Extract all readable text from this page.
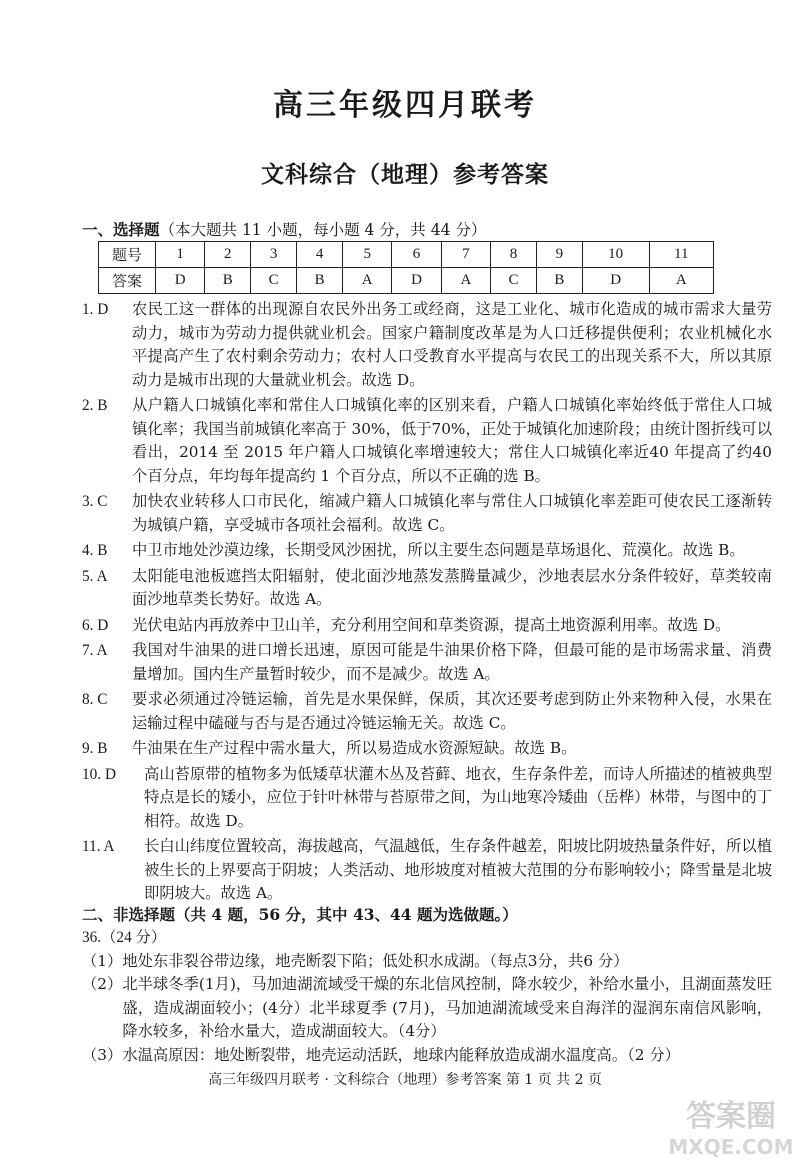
高三年级四月联考
文科综合（地理）参考答案
一、选择题（本大题共 11 小题，每小题 4 分，共 44 分）
题号	1	2	3	4	5	6	7	8	9	10	11
答案	D	B	C	B	A	D	A	C	B	D	A
1. D	农民工这一群体的出现源自农民外出务工或经商，这是工业化、城市化造成的城市需求大量劳动力，城市为劳动力提供就业机会。国家户籍制度改革是为人口迁移提供便利；农业机械化水平提高产生了农村剩余劳动力；农村人口受教育水平提高与农民工的出现关系不大，所以其原动力是城市出现的大量就业机会。故选 D。
2. B	从户籍人口城镇化率和常住人口城镇化率的区别来看，户籍人口城镇化率始终低于常住人口城镇化率；我国当前城镇化率高于 30%，低于70%，正处于城镇化加速阶段；由统计图折线可以看出，2014 至 2015 年户籍人口城镇化率增速较大；常住人口城镇化率近40 年提高了约40 个百分点，年均每年提高约 1 个百分点，所以不正确的选 B。
3. C	加快农业转移人口市民化，缩减户籍人口城镇化率与常住人口城镇化率差距可使农民工逐渐转为城镇户籍，享受城市各项社会福利。故选 C。
4. B	中卫市地处沙漠边缘，长期受风沙困扰，所以主要生态问题是草场退化、荒漠化。故选 B。
5. A	太阳能电池板遮挡太阳辐射，使北面沙地蒸发蒸腾量减少，沙地表层水分条件较好，草类较南面沙地草类长势好。故选 A。
6. D	光伏电站内再放养中卫山羊，充分利用空间和草类资源，提高土地资源利用率。故选 D。
7. A	我国对牛油果的进口增长迅速，原因可能是牛油果价格下降，但最可能的是市场需求量、消费量增加。国内生产量暂时较少，而不是减少。故选 A。
8. C	要求必须通过冷链运输，首先是水果保鲜，保质，其次还要考虑到防止外来物种入侵，水果在运输过程中磕碰与否与是否通过冷链运输无关。故选 C。
9. B	牛油果在生产过程中需水量大，所以易造成水资源短缺。故选 B。
10. D	高山苔原带的植物多为低矮草状灌木丛及苔藓、地衣，生存条件差，而诗人所描述的植被典型特点是长的矮小，应位于针叶林带与苔原带之间，为山地寒冷矮曲（岳桦）林带，与图中的丁相符。故选 D。
11. A	长白山纬度位置较高，海拔越高，气温越低，生存条件越差，阳坡比阴坡热量条件好，所以植被生长的上界要高于阴坡；人类活动、地形坡度对植被大范围的分布影响较小；降雪量是北坡即阴坡大。故选 A。
二、非选择题（共 4 题，56 分，其中 43、44 题为选做题。）
36.（24 分）
（1） 地处东非裂谷带边缘，地壳断裂下陷；低处积水成湖。（每点3分，共6 分）
（2） 北半球冬季(1月)，马加迪湖流域受干燥的东北信风控制，降水较少，补给水量小，且湖面蒸发旺盛，造成湖面较小；(4分）北半球夏季 (7月)，马加迪湖流域受来自海洋的湿润东南信风影响，降水较多，补给水量大，造成湖面较大。（4分）
（3） 水温高原因：地处断裂带，地壳运动活跃，地球内能释放造成湖水温度高。（2 分）
高三年级四月联考 · 文科综合（地理）参考答案 第 1 页 共 2 页
答案圈
MXQE.COM
